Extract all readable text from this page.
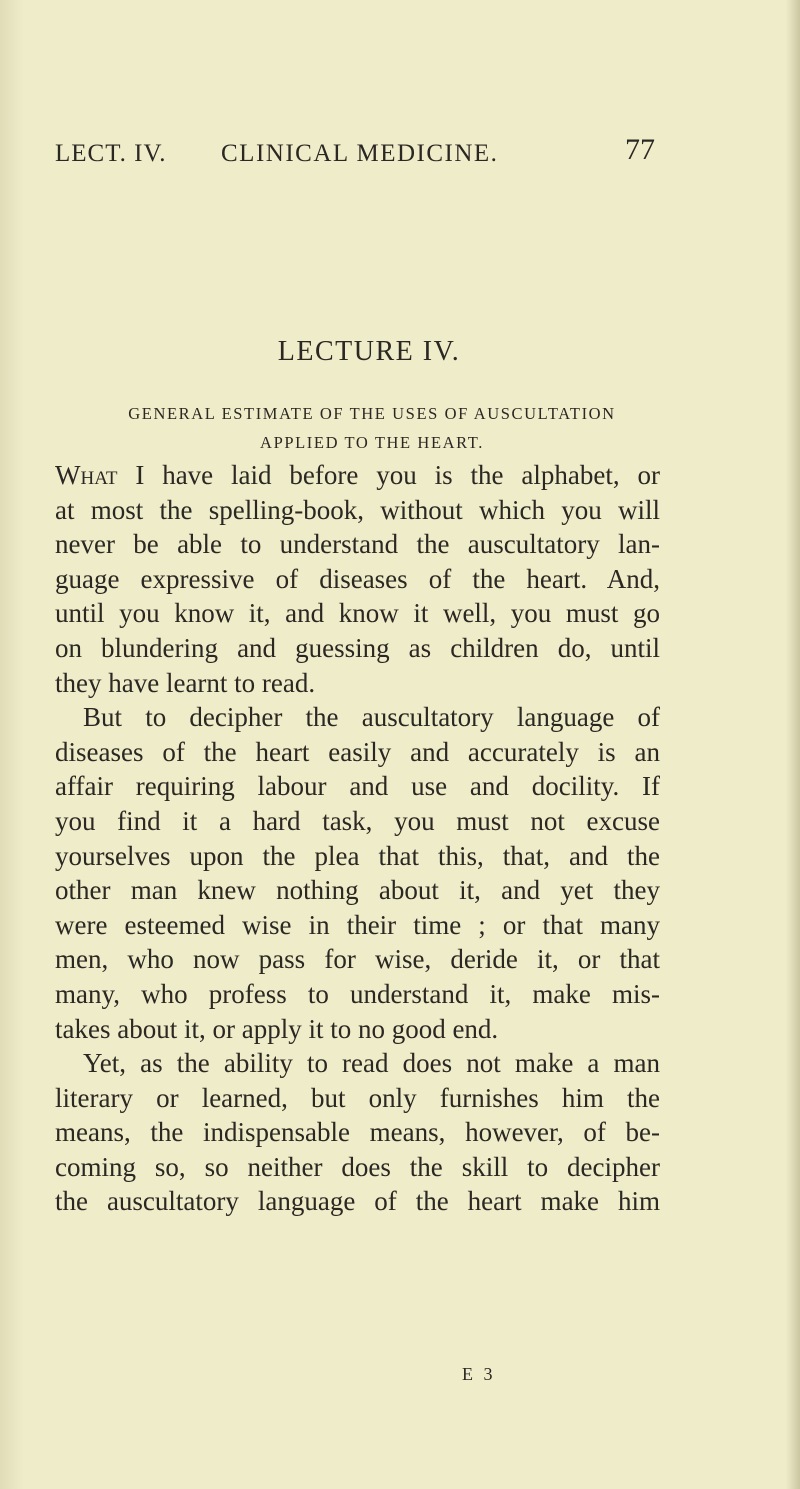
LECT. IV. CLINICAL MEDICINE.	77
LECTURE IV.
GENERAL ESTIMATE OF THE USES OF AUSCULTATION
APPLIED TO THE HEART.
What I have laid before you is the alphabet, or
at most the spelling-book, without which you will
never be able to understand the auscultatory lan-
guage expressive of diseases of the heart. And,
until you know it, and know it well, you must go
on blundering and guessing as children do, until
they have learnt to read.
But to decipher the auscultatory language of
diseases of the heart easily and accurately is an
affair requiring labour and use and docility. If
you find it a hard task, you must not excuse
yourselves upon the plea that this, that, and the
other man knew nothing about it, and yet they
were esteemed wise in their time ; or that many
men, who now pass for wise, deride it, or that
many, who profess to understand it, make mis-
takes about it, or apply it to no good end.
Yet, as the ability to read does not make a man
literary or learned, but only furnishes him the
means, the indispensable means, however, of be-
coming so, so neither does the skill to decipher
the auscultatory language of the heart make him
E 3
